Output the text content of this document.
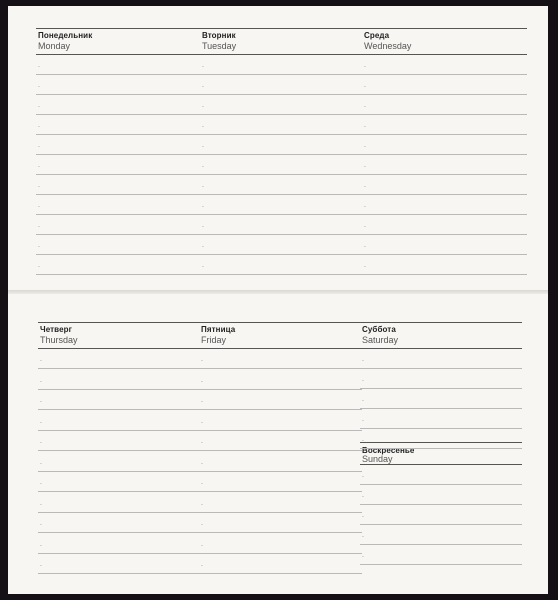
Понедельник
Monday
.
.
.
.
.
.
.
.
.
.
.
Вторник
Tuesday
.
.
.
.
.
.
.
.
.
.
.
Среда
Wednesday
.
.
.
.
.
.
.
.
.
.
.
Четверг
Thursday
.
.
.
.
.
.
.
.
.
.
.
Пятница
Friday
.
.
.
.
.
.
.
.
.
.
.
Суббота
Saturday
Воскресенье
Sunday
.
.
.
.
.
.
.
.
.
.
